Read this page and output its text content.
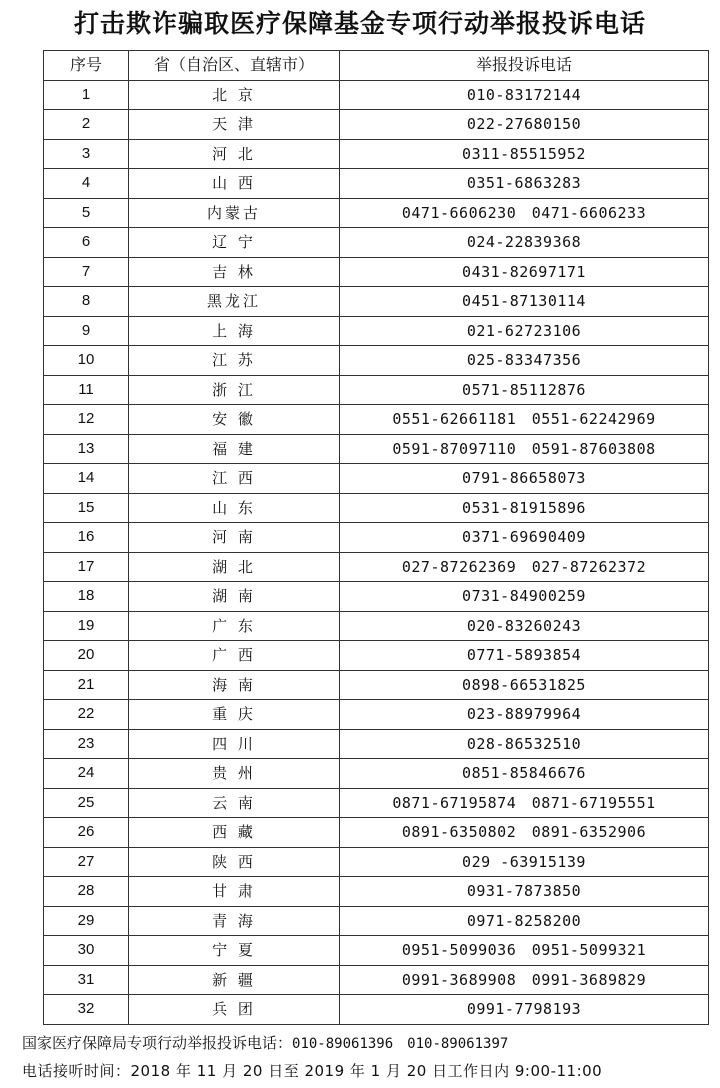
打击欺诈骗取医疗保障基金专项行动举报投诉电话
序号	省（自治区、直辖市）	举报投诉电话
1	北 京	010-83172144
2	天 津	022-27680150
3	河 北	0311-85515952
4	山 西	0351-6863283
5	内蒙古	0471-6606230　0471-6606233
6	辽 宁	024-22839368
7	吉 林	0431-82697171
8	黑龙江	0451-87130114
9	上 海	021-62723106
10	江 苏	025-83347356
11	浙 江	0571-85112876
12	安 徽	0551-62661181　0551-62242969
13	福 建	0591-87097110　0591-87603808
14	江 西	0791-86658073
15	山 东	0531-81915896
16	河 南	0371-69690409
17	湖 北	027-87262369　027-87262372
18	湖 南	0731-84900259
19	广 东	020-83260243
20	广 西	0771-5893854
21	海 南	0898-66531825
22	重 庆	023-88979964
23	四 川	028-86532510
24	贵 州	0851-85846676
25	云 南	0871-67195874　0871-67195551
26	西 藏	0891-6350802　0891-6352906
27	陕 西	029 -63915139
28	甘 肃	0931-7873850
29	青 海	0971-8258200
30	宁 夏	0951-5099036　0951-5099321
31	新 疆	0991-3689908　0991-3689829
32	兵 团	0991-7798193
国家医疗保障局专项行动举报投诉电话：010-89061396　010-89061397
电话接听时间：2018 年 11 月 20 日至 2019 年 1 月 20 日工作日内 9:00-11:00
